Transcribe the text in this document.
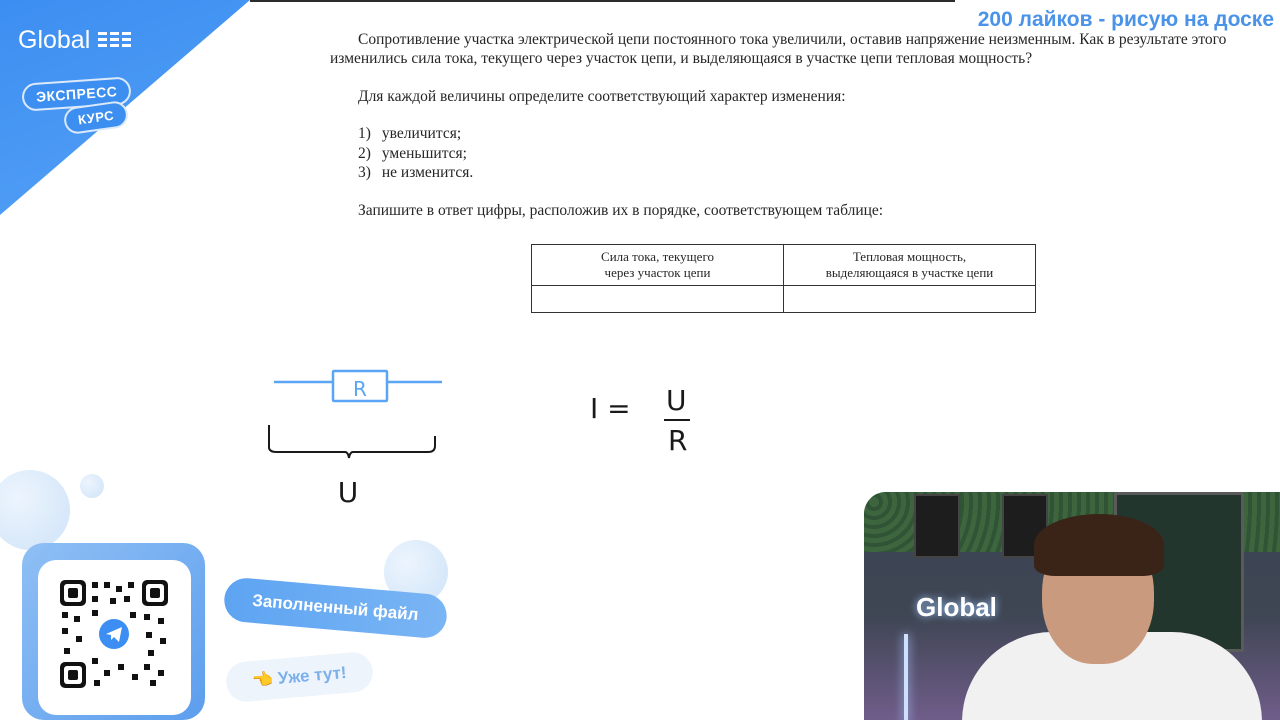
Global
ЭКСПРЕСС
КУРС
200 лайков - рисую на доске

Сопротивление участка электрической цепи постоянного тока увеличили, оставив напряжение неизменным. Как в результате этого изменились сила тока, текущего через участок цепи, и выделяющаяся в участке цепи тепловая мощность?

Для каждой величины определите соответствующий характер изменения:

1) увеличится;
2) уменьшится;
3) не изменится.

Запишите в ответ цифры, расположив их в порядке, соответствующем таблице:

Сила тока, текущего
через участок цепи	Тепловая мощность,
выделяющаяся в участке цепи

R
U
I = U
R
Заполненный файл
👈 Уже тут!
Global
